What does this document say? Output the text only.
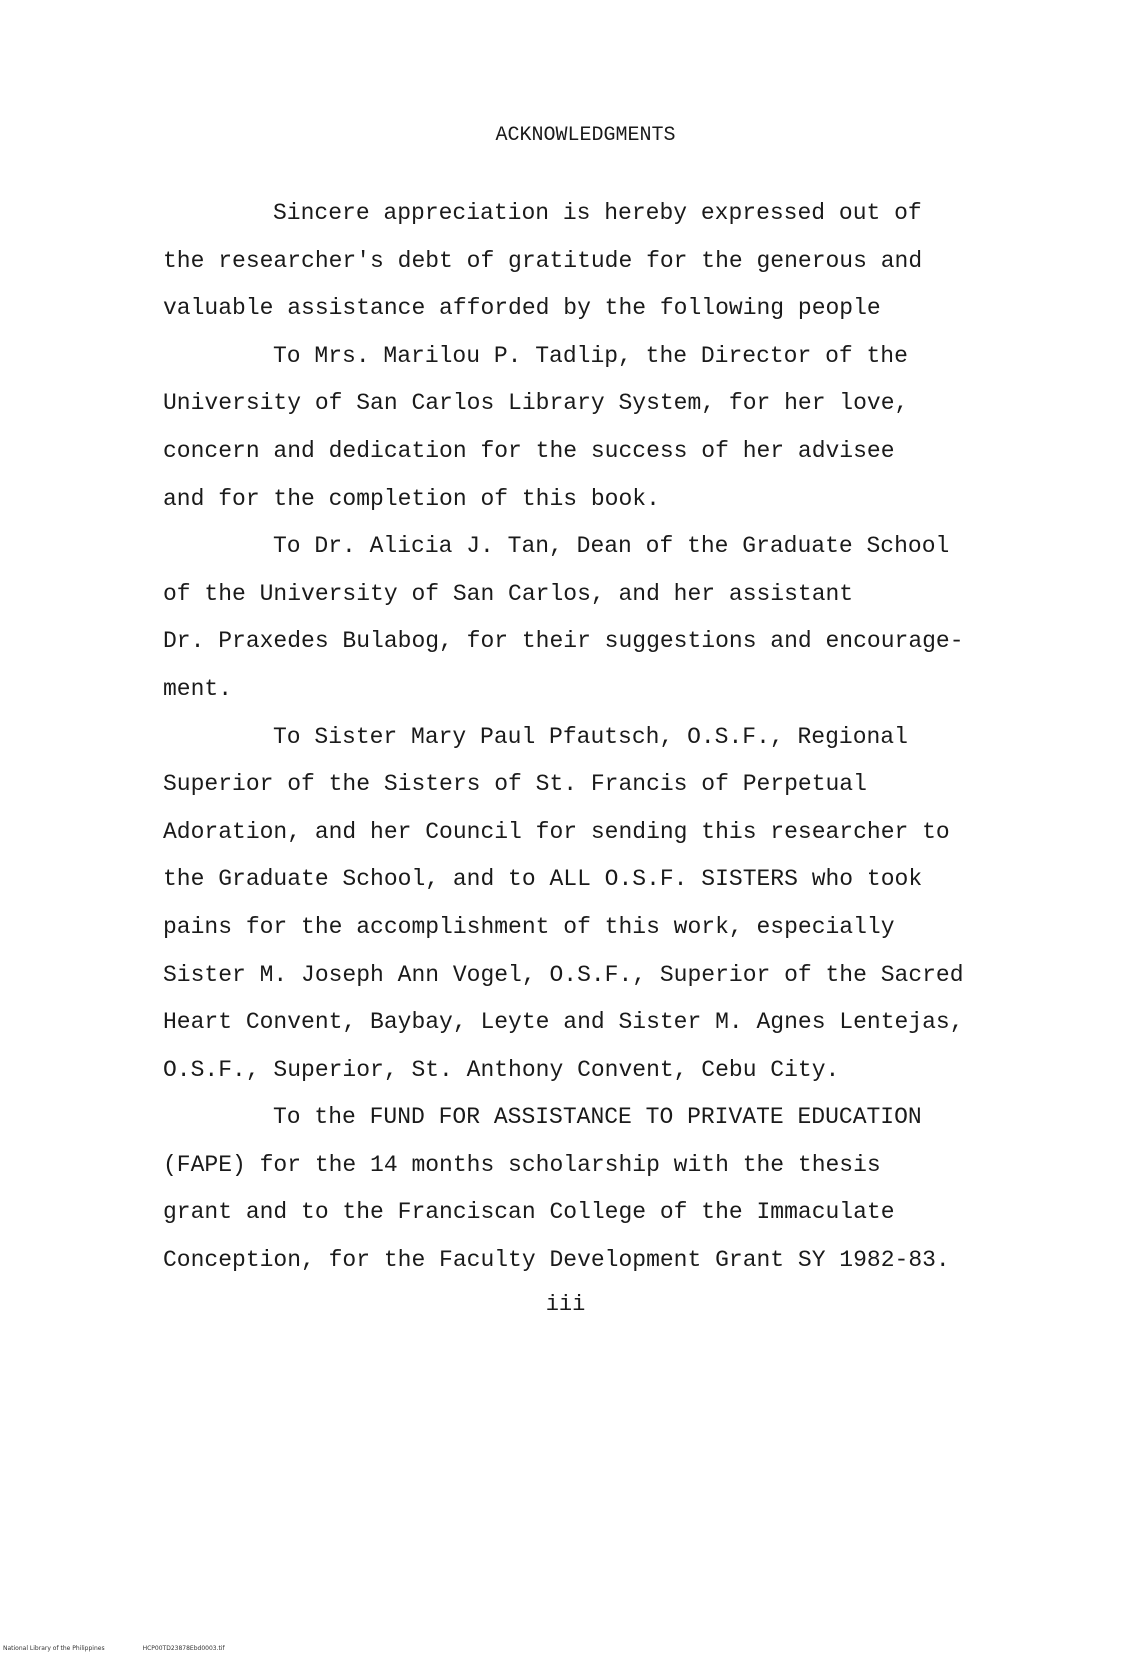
ACKNOWLEDGMENTS
Sincere appreciation is hereby expressed out of
the researcher's debt of gratitude for the generous and
valuable assistance afforded by the following people
To Mrs. Marilou P. Tadlip, the Director of the
University of San Carlos Library System, for her love,
concern and dedication for the success of her advisee
and for the completion of this book.
To Dr. Alicia J. Tan, Dean of the Graduate School
of the University of San Carlos, and her assistant
Dr. Praxedes Bulabog, for their suggestions and encourage-
ment.
To Sister Mary Paul Pfautsch, O.S.F., Regional
Superior of the Sisters of St. Francis of Perpetual
Adoration, and her Council for sending this researcher to
the Graduate School, and to ALL O.S.F. SISTERS who took
pains for the accomplishment of this work, especially
Sister M. Joseph Ann Vogel, O.S.F., Superior of the Sacred
Heart Convent, Baybay, Leyte and Sister M. Agnes Lentejas,
O.S.F., Superior, St. Anthony Convent, Cebu City.
To the FUND FOR ASSISTANCE TO PRIVATE EDUCATION
(FAPE) for the 14 months scholarship with the thesis
grant and to the Franciscan College of the Immaculate
Conception, for the Faculty Development Grant SY 1982-83.
iii
National Library of the Philippines	HCP00TD23878Ebd0003.tif
